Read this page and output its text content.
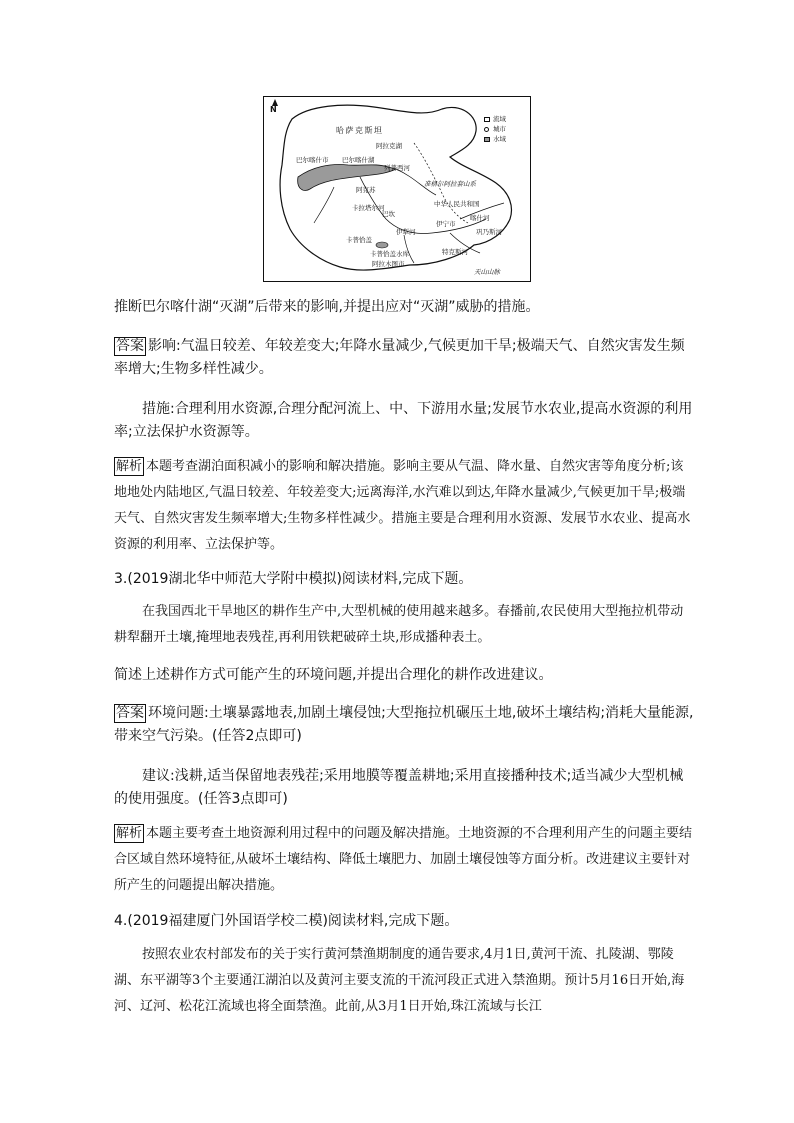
N
哈萨克斯坦
阿拉克湖
巴尔喀什市 巴尔喀什湖
列普西河
准格尔阿拉套山系
阿克苏
卡拉塔尔河
巴坎
中华人民共和国
伊犁河
伊宁市
喀什河
巩乃斯河
卡普恰盖
卡普恰盖水库
阿拉木图市
特克斯河
天山山脉
流域
城市
水域
推断巴尔喀什湖“灭湖”后带来的影响,并提出应对“灭湖”威胁的措施。
答案 影响:气温日较差、年较差变大;年降水量减少,气候更加干旱;极端天气、自然灾害发生频率增大;生物多样性减少。
措施:合理利用水资源,合理分配河流上、中、下游用水量;发展节水农业,提高水资源的利用率;立法保护水资源等。
解析 本题考查湖泊面积减小的影响和解决措施。影响主要从气温、降水量、自然灾害等角度分析;该地地处内陆地区,气温日较差、年较差变大;远离海洋,水汽难以到达,年降水量减少,气候更加干旱;极端天气、自然灾害发生频率增大;生物多样性减少。措施主要是合理利用水资源、发展节水农业、提高水资源的利用率、立法保护等。
3.(2019湖北华中师范大学附中模拟)阅读材料,完成下题。
在我国西北干旱地区的耕作生产中,大型机械的使用越来越多。春播前,农民使用大型拖拉机带动耕犁翻开土壤,掩埋地表残茬,再利用铁耙破碎土块,形成播种表土。
简述上述耕作方式可能产生的环境问题,并提出合理化的耕作改进建议。
答案 环境问题:土壤暴露地表,加剧土壤侵蚀;大型拖拉机碾压土地,破坏土壤结构;消耗大量能源,带来空气污染。(任答2点即可)
建议:浅耕,适当保留地表残茬;采用地膜等覆盖耕地;采用直接播种技术;适当减少大型机械的使用强度。(任答3点即可)
解析 本题主要考查土地资源利用过程中的问题及解决措施。土地资源的不合理利用产生的问题主要结合区域自然环境特征,从破坏土壤结构、降低土壤肥力、加剧土壤侵蚀等方面分析。改进建议主要针对所产生的问题提出解决措施。
4.(2019福建厦门外国语学校二模)阅读材料,完成下题。
按照农业农村部发布的关于实行黄河禁渔期制度的通告要求,4月1日,黄河干流、扎陵湖、鄂陵湖、东平湖等3个主要通江湖泊以及黄河主要支流的干流河段正式进入禁渔期。预计5月16日开始,海河、辽河、松花江流域也将全面禁渔。此前,从3月1日开始,珠江流域与长江
